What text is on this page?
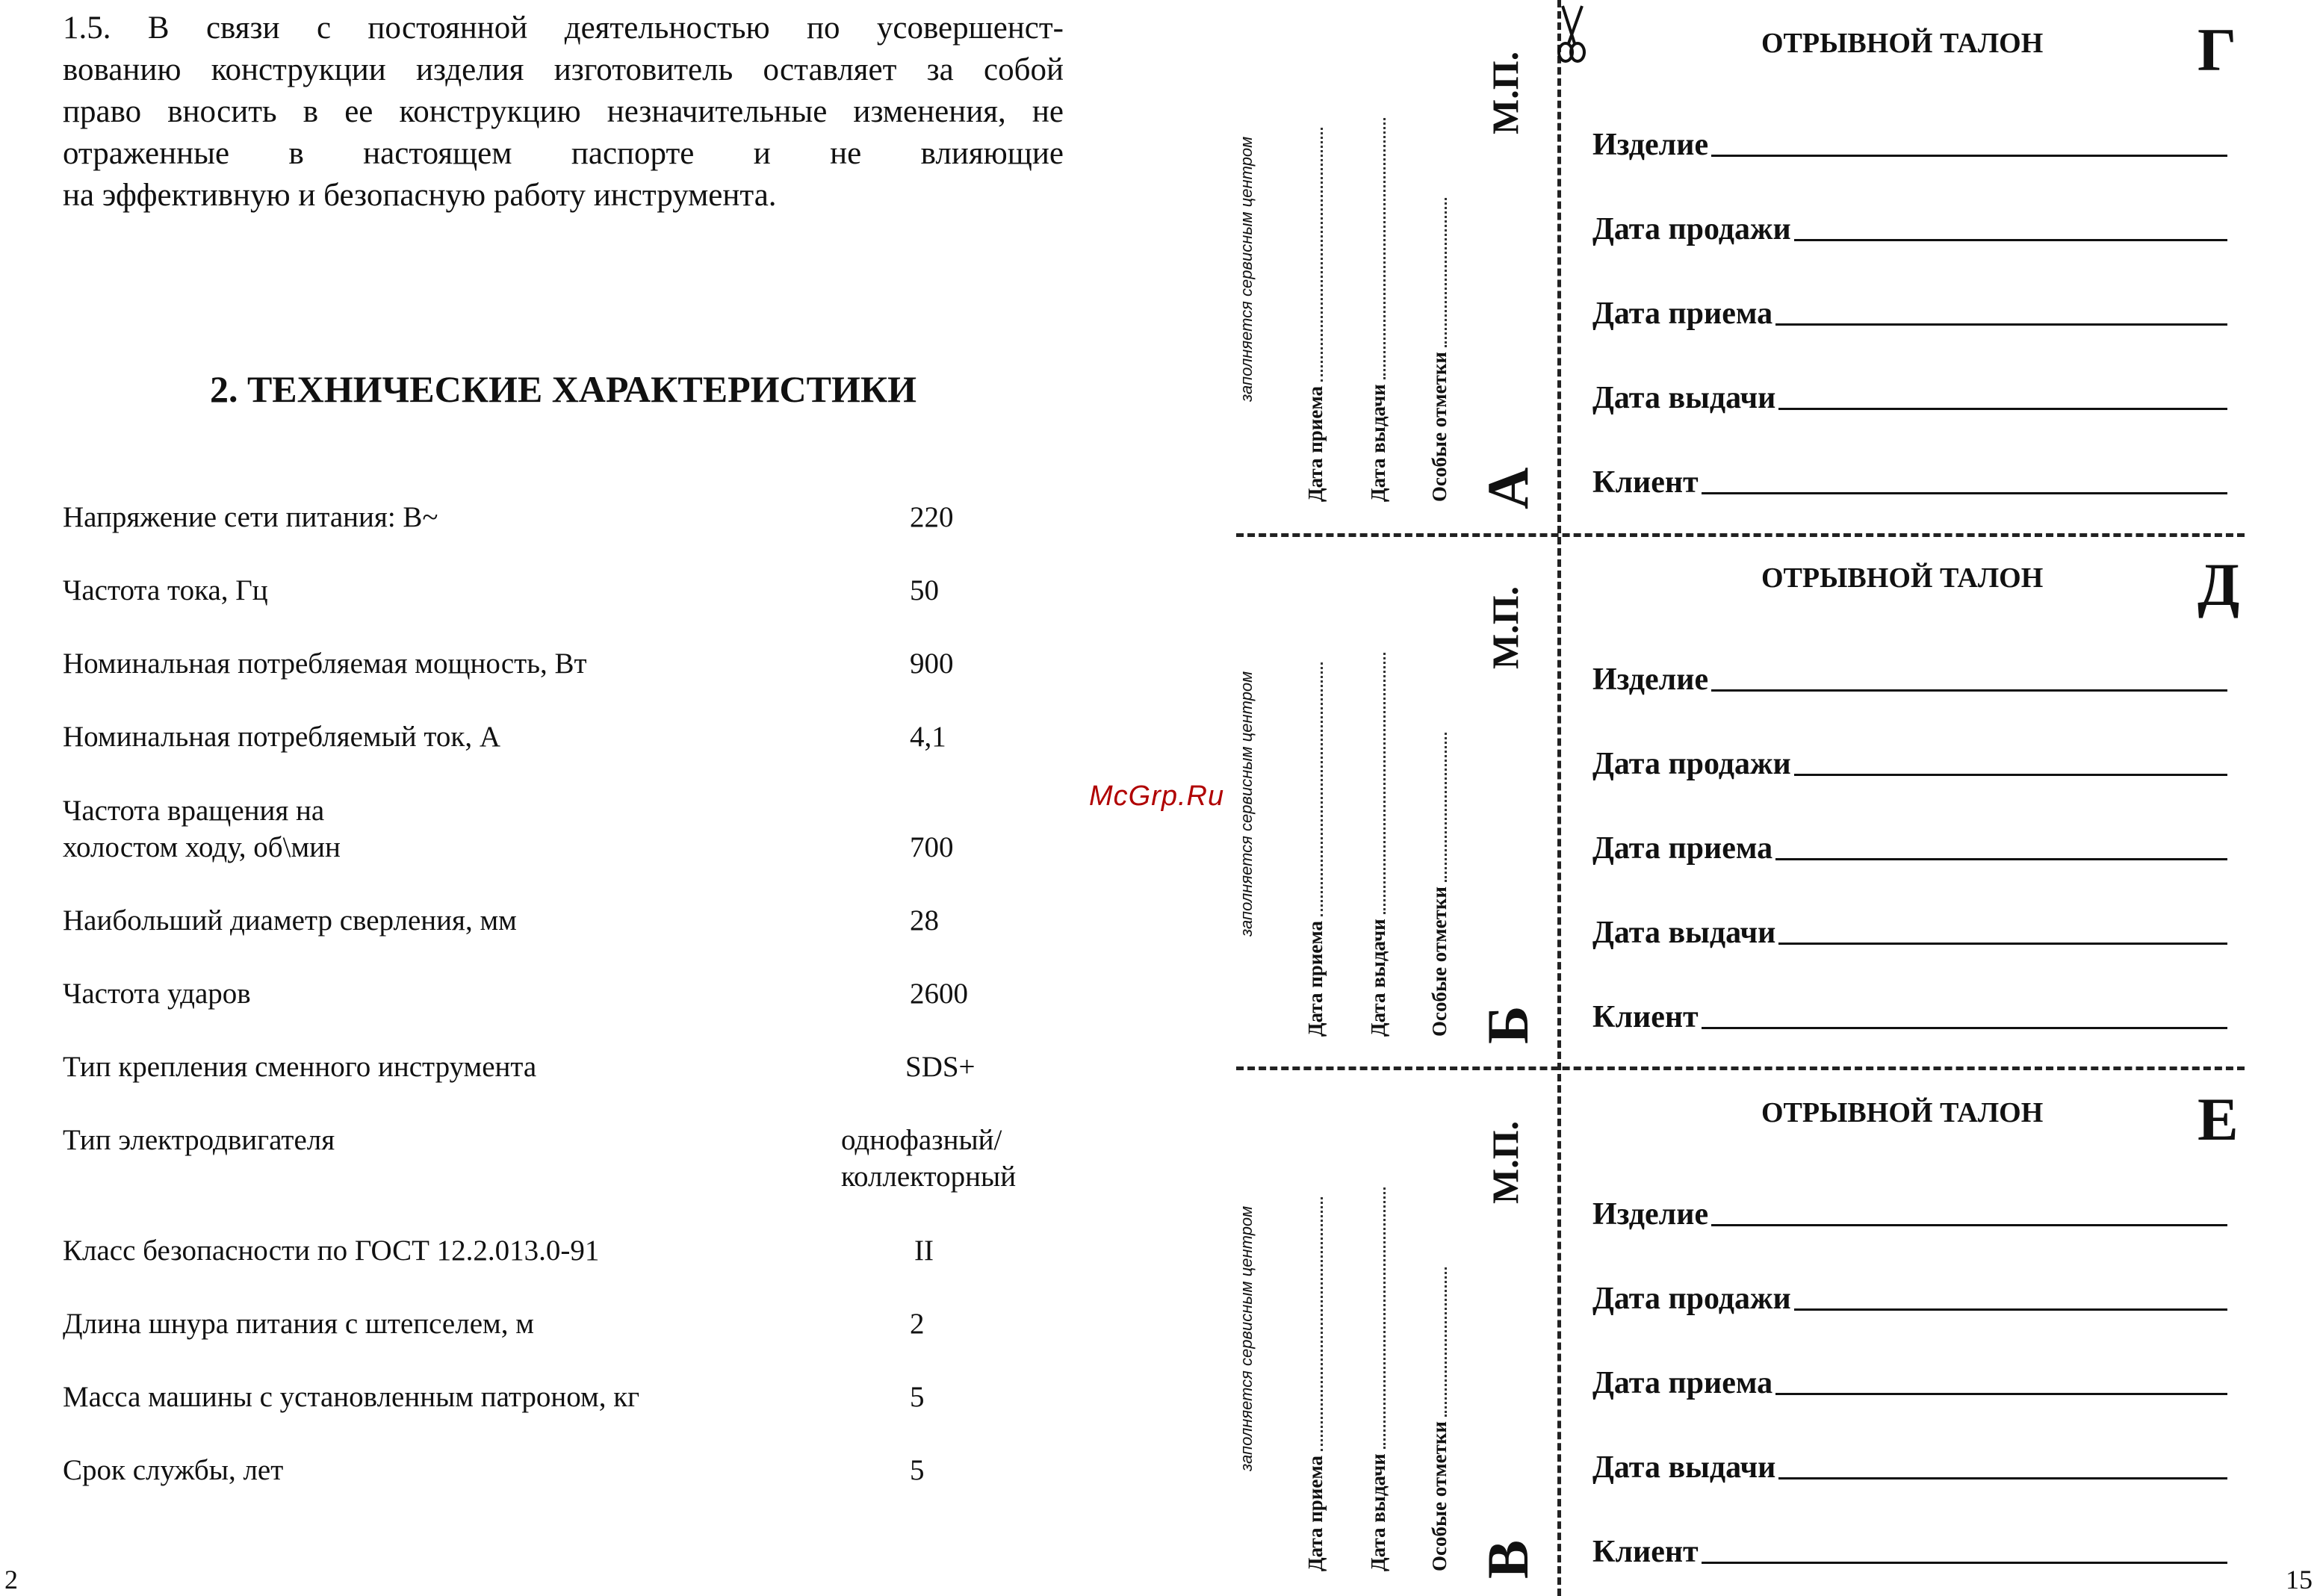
1.5. В связи с постоянной деятельностью по усовершенст-
вованию конструкции изделия изготовитель оставляет за собой
право вносить в ее конструкцию незначительные изменения, не
отраженные в настоящем паспорте и не влияющие
на эффективную и безопасную работу инструмента.
2. ТЕХНИЧЕСКИЕ ХАРАКТЕРИСТИКИ
Напряжение сети питания: В~	220
Частота тока, Гц	50
Номинальная потребляемая мощность, Вт	900
Номинальная потребляемый ток, А	4,1
Частота вращения на
холостом ходу, об\мин	700
Наибольший диаметр сверления, мм	28
Частота ударов	2600
Тип крепления сменного инструмента	SDS+
Тип электродвигателя	однофазный/
коллекторный
Класс безопасности по ГОСТ 12.2.013.0-91	II
Длина шнура питания с штепселем, м	2
Масса машины с установленным патроном, кг	5
Срок службы, лет	5
2
McGrp.Ru
ОТРЫВНОЙ ТАЛОН	Г
Изделие
Дата продажи
Дата приема
Дата выдачи
Клиент
заполняется сервисным центром
Дата приема Дата выдачи Особые отметки
М.П.
А
ОТРЫВНОЙ ТАЛОН	Д
Изделие
Дата продажи
Дата приема
Дата выдачи
Клиент
заполняется сервисным центром
Дата приема Дата выдачи Особые отметки
М.П.
Б
ОТРЫВНОЙ ТАЛОН	Е
Изделие
Дата продажи
Дата приема
Дата выдачи
Клиент
заполняется сервисным центром
Дата приема Дата выдачи Особые отметки
М.П.
В
15
